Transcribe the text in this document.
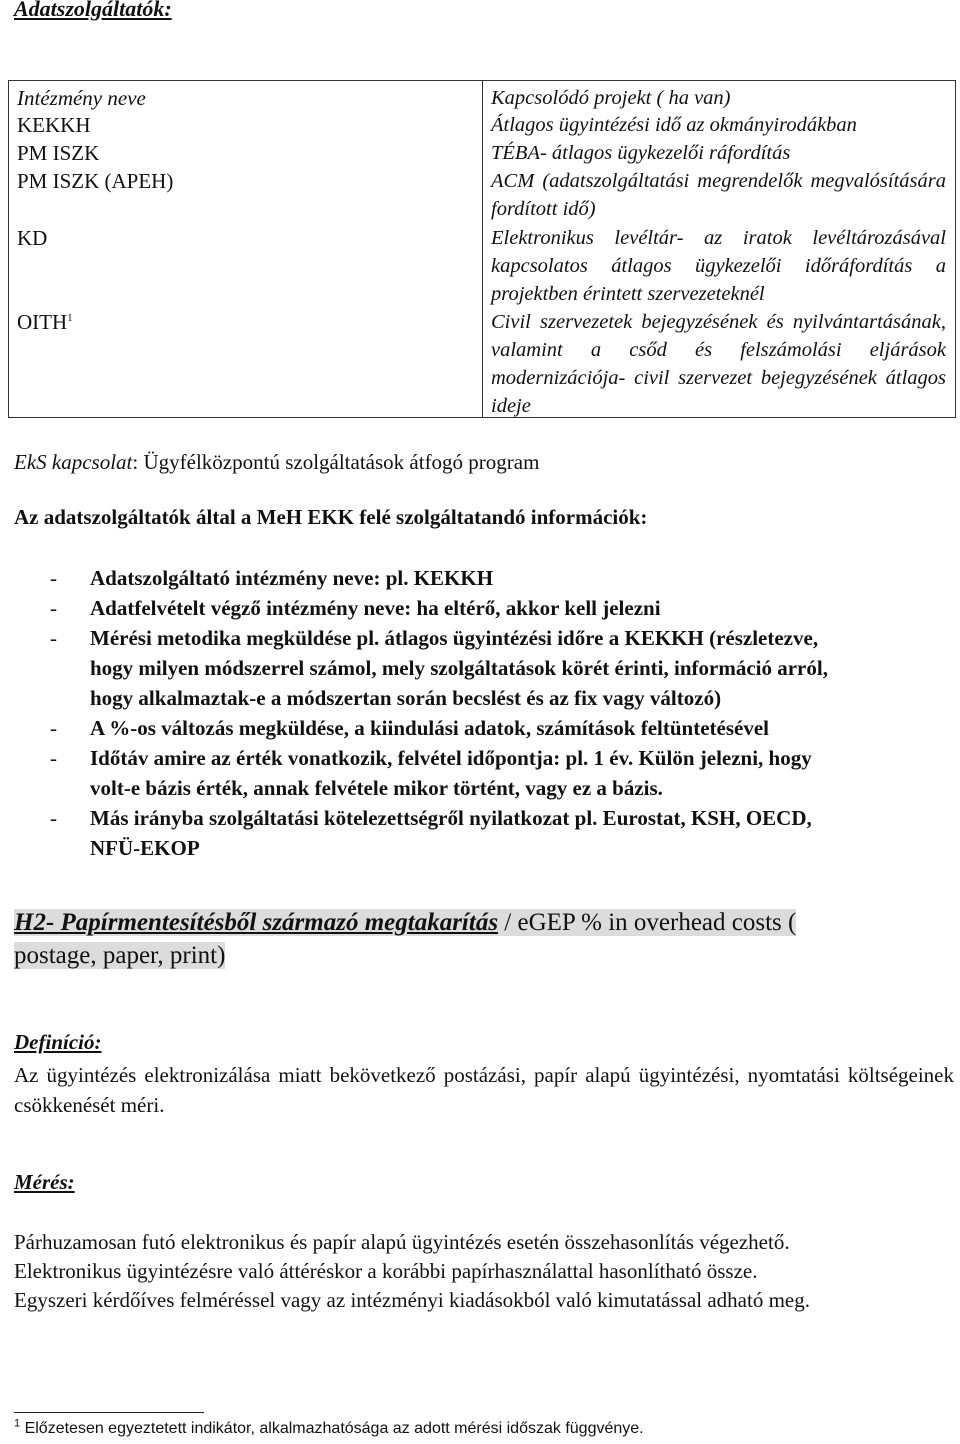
Adatszolgáltatók:
Intézmény neve
KEKKH
PM ISZK
PM ISZK (APEH)
KD
OITH$^1$
Kapcsolódó projekt ( ha van)
Átlagos ügyintézési idő az okmányirodákban
TÉBA- átlagos ügykezelői ráfordítás
ACM (adatszolgáltatási megrendelők megvalósítására
fordított idő)
Elektronikus levéltár- az iratok levéltározásával
kapcsolatos átlagos ügykezelői időráfordítás a
projektben érintett szervezeteknél
Civil szervezetek bejegyzésének és nyilvántartásának,
valamint a csőd és felszámolási eljárások
modernizációja- civil szervezet bejegyzésének átlagos
ideje
EkS kapcsolat: Ügyfélközpontú szolgáltatások átfogó program
Az adatszolgáltatók által a MeH EKK felé szolgáltatandó információk:

- Adatszolgáltató intézmény neve: pl. KEKKH

- Adatfelvételt végző intézmény neve: ha eltérő, akkor kell jelezni

- Mérési metodika megküldése pl. átlagos ügyintézési időre a KEKKH (részletezve,
hogy milyen módszerrel számol, mely szolgáltatások körét érinti, információ arról,
hogy alkalmaztak-e a módszertan során becslést és az fix vagy változó)

- A %-os változás megküldése, a kiindulási adatok, számítások feltüntetésével

- Időtáv amire az érték vonatkozik, felvétel időpontja: pl. 1 év. Külön jelezni, hogy
volt-e bázis érték, annak felvétele mikor történt, vagy ez a bázis.

- Más irányba szolgáltatási kötelezettségről nyilatkozat pl. Eurostat, KSH, OECD,
NFÜ-EKOP

H2- Papírmentesítésből származó megtakarítás / eGEP % in overhead costs (
postage, paper, print)
Definíció:
Az ügyintézés elektronizálása miatt bekövetkező postázási, papír alapú ügyintézési, nyomtatási költségeinek csökkenését méri.
Mérés:
Párhuzamosan futó elektronikus és papír alapú ügyintézés esetén összehasonlítás végezhető.
Elektronikus ügyintézésre való áttéréskor a korábbi papírhasználattal hasonlítható össze.
Egyszeri kérdőíves felméréssel vagy az intézményi kiadásokból való kimutatással adható meg.
$^1$ Előzetesen egyeztetett indikátor, alkalmazhatósága az adott mérési időszak függvénye.
